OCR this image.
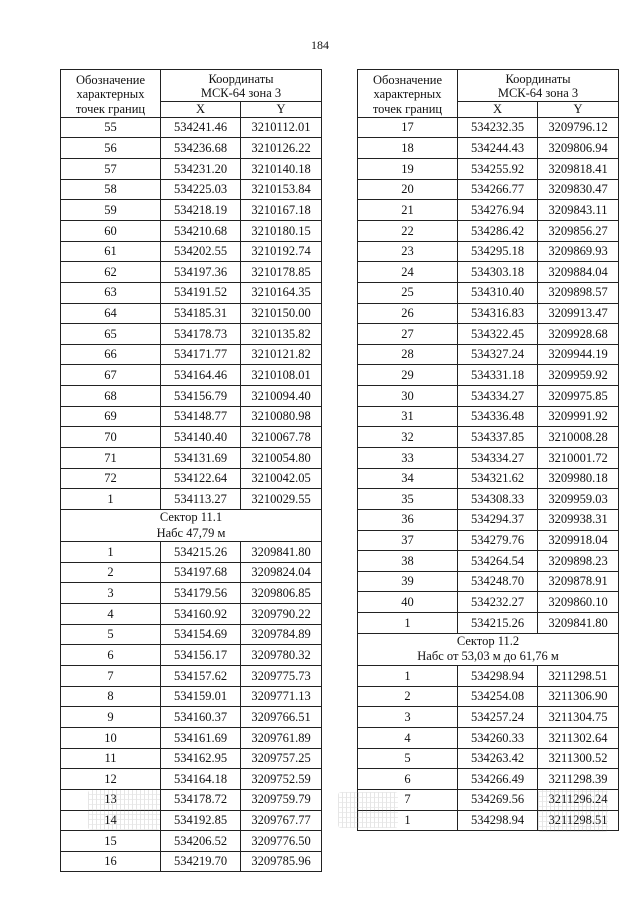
184
Обозначение
характерных
точек границ	Координаты
МСК-64 зона 3	

	X	Y
55	534241.46	3210112.01
56	534236.68	3210126.22
57	534231.20	3210140.18
58	534225.03	3210153.84
59	534218.19	3210167.18
60	534210.68	3210180.15
61	534202.55	3210192.74
62	534197.36	3210178.85
63	534191.52	3210164.35
64	534185.31	3210150.00
65	534178.73	3210135.82
66	534171.77	3210121.82
67	534164.46	3210108.01
68	534156.79	3210094.40
69	534148.77	3210080.98
70	534140.40	3210067.78
71	534131.69	3210054.80
72	534122.64	3210042.05
1	534113.27	3210029.55

Сектор 11.1
Набс 47,79 м		

1	534215.26	3209841.80
2	534197.68	3209824.04
3	534179.56	3209806.85
4	534160.92	3209790.22
5	534154.69	3209784.89
6	534156.17	3209780.32
7	534157.62	3209775.73
8	534159.01	3209771.13
9	534160.37	3209766.51
10	534161.69	3209761.89
11	534162.95	3209757.25
12	534164.18	3209752.59
13	534178.72	3209759.79
14	534192.85	3209767.77
15	534206.52	3209776.50
16	534219.70	3209785.96
Обозначение
характерных
точек границ	Координаты
МСК-64 зона 3	

	X	Y
17	534232.35	3209796.12
18	534244.43	3209806.94
19	534255.92	3209818.41
20	534266.77	3209830.47
21	534276.94	3209843.11
22	534286.42	3209856.27
23	534295.18	3209869.93
24	534303.18	3209884.04
25	534310.40	3209898.57
26	534316.83	3209913.47
27	534322.45	3209928.68
28	534327.24	3209944.19
29	534331.18	3209959.92
30	534334.27	3209975.85
31	534336.48	3209991.92
32	534337.85	3210008.28
33	534334.27	3210001.72
34	534321.62	3209980.18
35	534308.33	3209959.03
36	534294.37	3209938.31
37	534279.76	3209918.04
38	534264.54	3209898.23
39	534248.70	3209878.91
40	534232.27	3209860.10
1	534215.26	3209841.80

Сектор 11.2
Набс от 53,03 м до 61,76 м		

1	534298.94	3211298.51
2	534254.08	3211306.90
3	534257.24	3211304.75
4	534260.33	3211302.64
5	534263.42	3211300.52
6	534266.49	3211298.39
7	534269.56	3211296.24
1	534298.94	3211298.51
